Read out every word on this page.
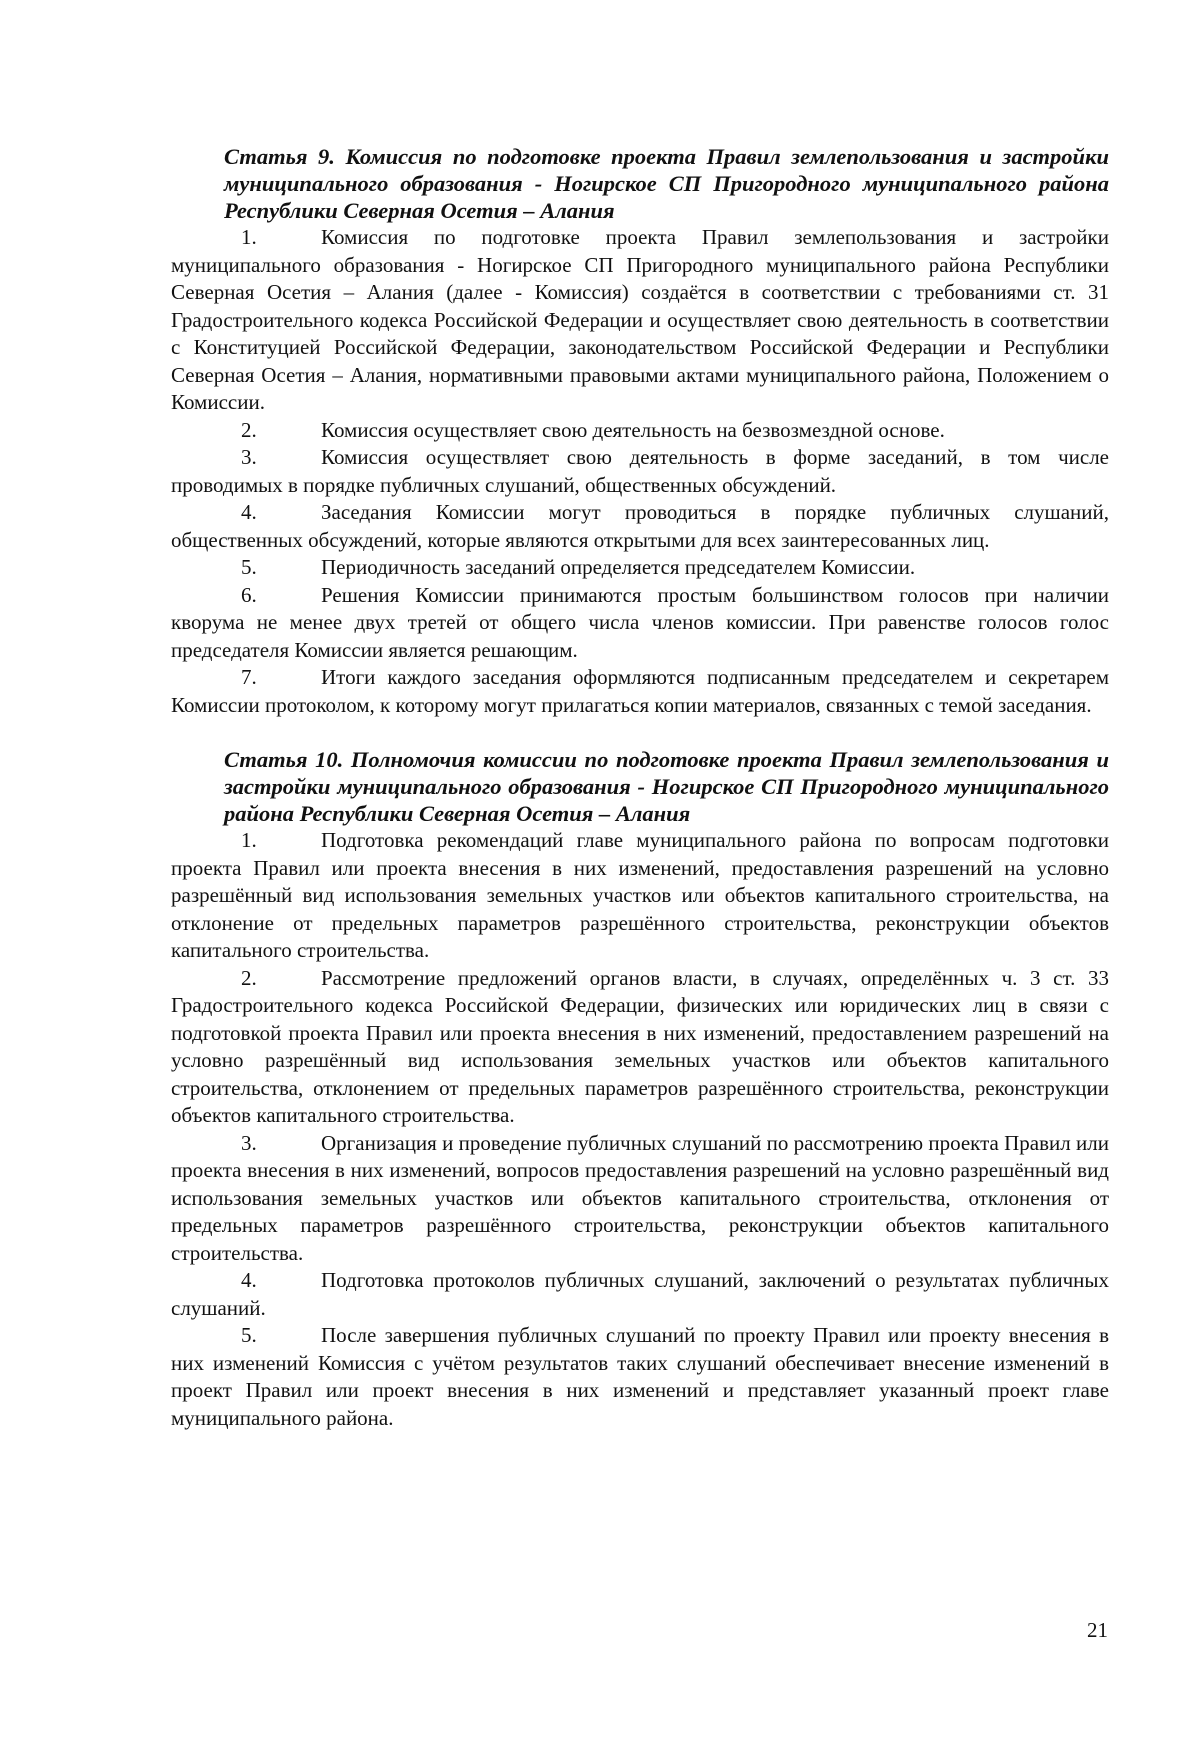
Статья 9. Комиссия по подготовке проекта Правил землепользования и застройки муниципального образования - Ногирское СП Пригородного муниципального района Республики Северная Осетия – Алания

1.	Комиссия по подготовке проекта Правил землепользования и застройки муниципального образования - Ногирское СП Пригородного муниципального района Республики Северная Осетия – Алания (далее - Комиссия) создаётся в соответствии с требованиями ст. 31 Градостроительного кодекса Российской Федерации и осуществляет свою деятельность в соответствии с Конституцией Российской Федерации, законодательством Российской Федерации и Республики Северная Осетия – Алания, нормативными правовыми актами муниципального района, Положением о Комиссии.

2.	Комиссия осуществляет свою деятельность на безвозмездной основе.

3.	Комиссия осуществляет свою деятельность в форме заседаний, в том числе проводимых в порядке публичных слушаний, общественных обсуждений.

4.	Заседания Комиссии могут проводиться в порядке публичных слушаний, общественных обсуждений, которые являются открытыми для всех заинтересованных лиц.

5.	Периодичность заседаний определяется председателем Комиссии.

6.	Решения Комиссии принимаются простым большинством голосов при наличии кворума не менее двух третей от общего числа членов комиссии. При равенстве голосов голос председателя Комиссии является решающим.

7.	Итоги каждого заседания оформляются подписанным председателем и секретарем Комиссии протоколом, к которому могут прилагаться копии материалов, связанных с темой заседания.

Статья 10. Полномочия комиссии по подготовке проекта Правил землепользования и застройки муниципального образования - Ногирское СП Пригородного муниципального района Республики Северная Осетия – Алания

1.	Подготовка рекомендаций главе муниципального района по вопросам подготовки проекта Правил или проекта внесения в них изменений, предоставления разрешений на условно разрешённый вид использования земельных участков или объектов капитального строительства, на отклонение от предельных параметров разрешённого строительства, реконструкции объектов капитального строительства.

2.	Рассмотрение предложений органов власти, в случаях, определённых ч. 3 ст. 33 Градостроительного кодекса Российской Федерации, физических или юридических лиц в связи с подготовкой проекта Правил или проекта внесения в них изменений, предоставлением разрешений на условно разрешённый вид использования земельных участков или объектов капитального строительства, отклонением от предельных параметров разрешённого строительства, реконструкции объектов капитального строительства.

3.	Организация и проведение публичных слушаний по рассмотрению проекта Правил или проекта внесения в них изменений, вопросов предоставления разрешений на условно разрешённый вид использования земельных участков или объектов капитального строительства, отклонения от предельных параметров разрешённого строительства, реконструкции объектов капитального строительства.

4.	Подготовка протоколов публичных слушаний, заключений о результатах публичных слушаний.

5.	После завершения публичных слушаний по проекту Правил или проекту внесения в них изменений Комиссия с учётом результатов таких слушаний обеспечивает внесение изменений в проект Правил или проект внесения в них изменений и представляет указанный проект главе муниципального района.

21
